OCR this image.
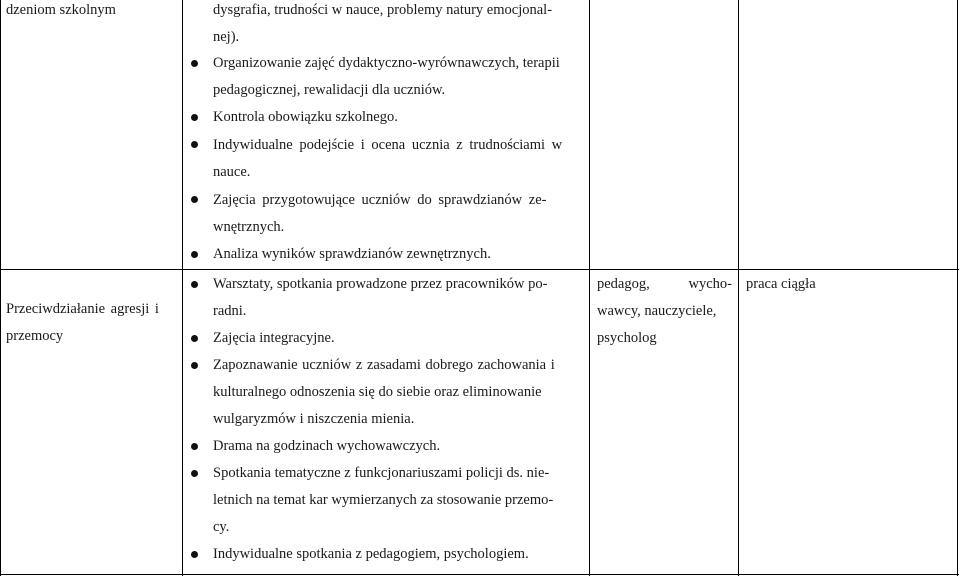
dzeniom szkolnym	dysgrafia, trudności w nauce, problemy natury emocjonal-
nej).
Organizowanie zajęć dydaktyczno-wyrównawczych, terapii
pedagogicznej, rewalidacji dla uczniów.
Kontrola obowiązku szkolnego.
Indywidualne podejście i ocena ucznia z trudnościami w
nauce.
Zajęcia przygotowujące uczniów do sprawdzianów ze-
wnętrznych.
Analiza wyników sprawdzianów zewnętrznych.
Przeciwdziałanie agresji i
przemocy
Warsztaty, spotkania prowadzone przez pracowników po-
radni.
Zajęcia integracyjne.
Zapoznawanie uczniów z zasadami dobrego zachowania i
kulturalnego odnoszenia się do siebie oraz eliminowanie
wulgaryzmów i niszczenia mienia.
Drama na godzinach wychowawczych.
Spotkania tematyczne z funkcjonariuszami policji ds. nie-
letnich na temat kar wymierzanych za stosowanie przemo-
cy.
Indywidualne spotkania z pedagogiem, psychologiem.
pedagog,	wycho-
wawcy, nauczyciele,
psycholog
praca ciągła
